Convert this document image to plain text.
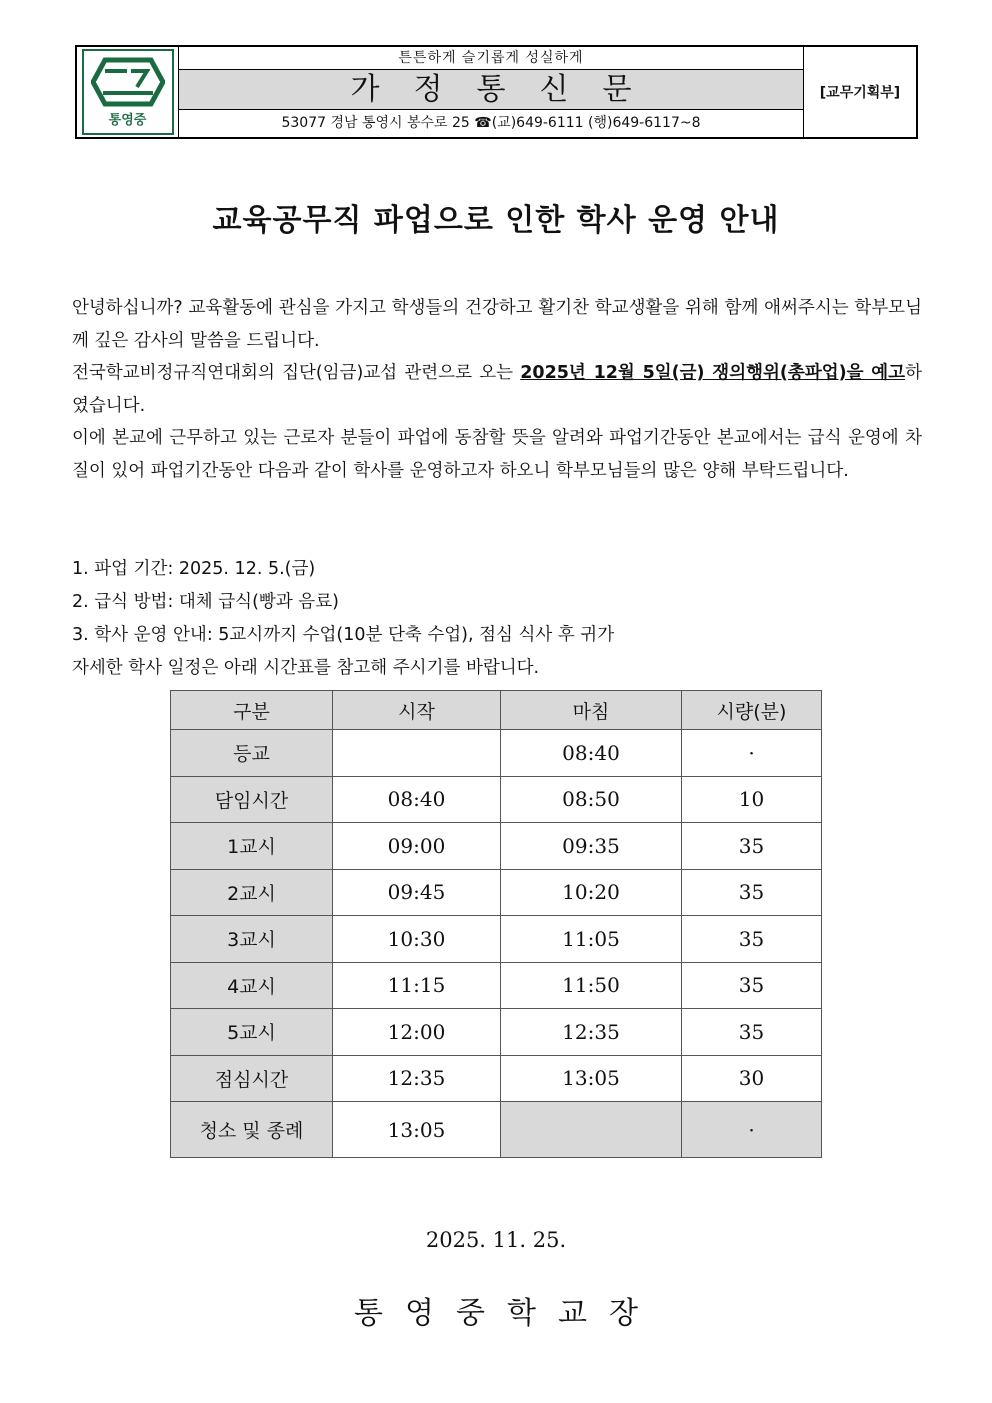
통영중
튼튼하게 슬기롭게 성실하게
가정통신문
53077 경남 통영시 봉수로 25 ☎(교)649-6111 (행)649-6117~8
[교무기획부]
교육공무직 파업으로 인한 학사 운영 안내
안녕하십니까? 교육활동에 관심을 가지고 학생들의 건강하고 활기찬 학교생활을 위해 함께 애써주시는 학부모님께 깊은 감사의 말씀을 드립니다.
전국학교비정규직연대회의 집단(임금)교섭 관련으로 오는 2025년 12월 5일(금) 쟁의행위(총파업)을 예고하였습니다.
이에 본교에 근무하고 있는 근로자 분들이 파업에 동참할 뜻을 알려와 파업기간동안 본교에서는 급식 운영에 차질이 있어 파업기간동안 다음과 같이 학사를 운영하고자 하오니 학부모님들의 많은 양해 부탁드립니다.
1. 파업 기간: 2025. 12. 5.(금)
2. 급식 방법: 대체 급식(빵과 음료)
3. 학사 운영 안내: 5교시까지 수업(10분 단축 수업), 점심 식사 후 귀가
자세한 학사 일정은 아래 시간표를 참고해 주시기를 바랍니다.
구분	시작	마침	시량(분)
등교		08:40	·
담임시간	08:40	08:50	10
1교시	09:00	09:35	35
2교시	09:45	10:20	35
3교시	10:30	11:05	35
4교시	11:15	11:50	35
5교시	12:00	12:35	35
점심시간	12:35	13:05	30
청소 및 종례	13:05		·
2025. 11. 25.
통영중학교장
